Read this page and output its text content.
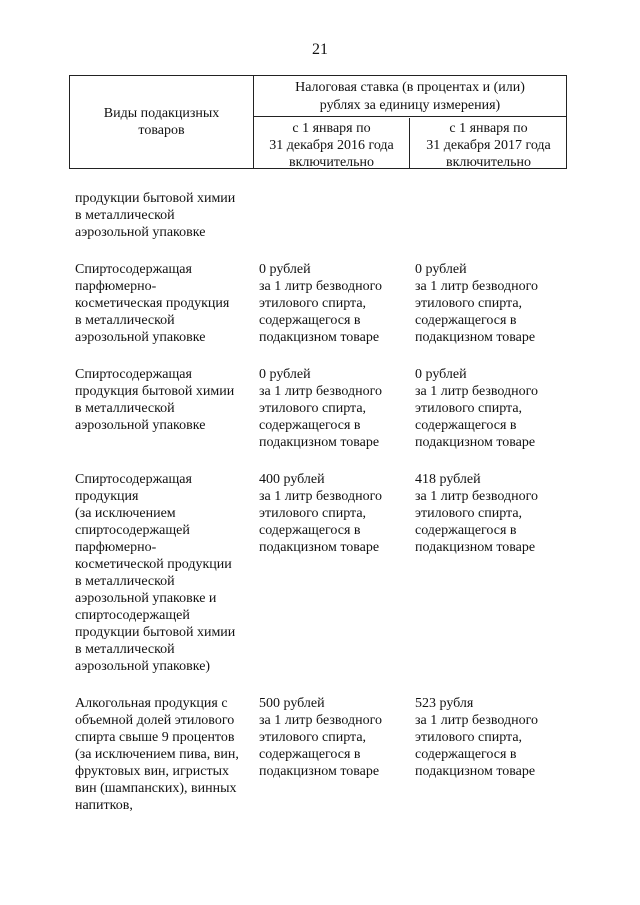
21
Виды подакцизных
товаров
Налоговая ставка (в процентах и (или)
рублях за единицу измерения)
с 1 января по
31 декабря 2016 года
включительно
с 1 января по
31 декабря 2017 года
включительно
продукции бытовой химии
в металлической
аэрозольной упаковке
Спиртосодержащая
парфюмерно-
косметическая продукция
в металлической
аэрозольной упаковке
0 рублей
за 1 литр безводного
этилового спирта,
содержащегося в
подакцизном товаре
0 рублей
за 1 литр безводного
этилового спирта,
содержащегося в
подакцизном товаре
Спиртосодержащая
продукция бытовой химии
в металлической
аэрозольной упаковке
0 рублей
за 1 литр безводного
этилового спирта,
содержащегося в
подакцизном товаре
0 рублей
за 1 литр безводного
этилового спирта,
содержащегося в
подакцизном товаре
Спиртосодержащая
продукция
(за исключением
спиртосодержащей
парфюмерно-
косметической продукции
в металлической
аэрозольной упаковке и
спиртосодержащей
продукции бытовой химии
в металлической
аэрозольной упаковке)
400 рублей
за 1 литр безводного
этилового спирта,
содержащегося в
подакцизном товаре
418 рублей
за 1 литр безводного
этилового спирта,
содержащегося в
подакцизном товаре
Алкогольная продукция с
объемной долей этилового
спирта свыше 9 процентов
(за исключением пива, вин,
фруктовых вин, игристых
вин (шампанских), винных
напитков,
500 рублей
за 1 литр безводного
этилового спирта,
содержащегося в
подакцизном товаре
523 рубля
за 1 литр безводного
этилового спирта,
содержащегося в
подакцизном товаре
